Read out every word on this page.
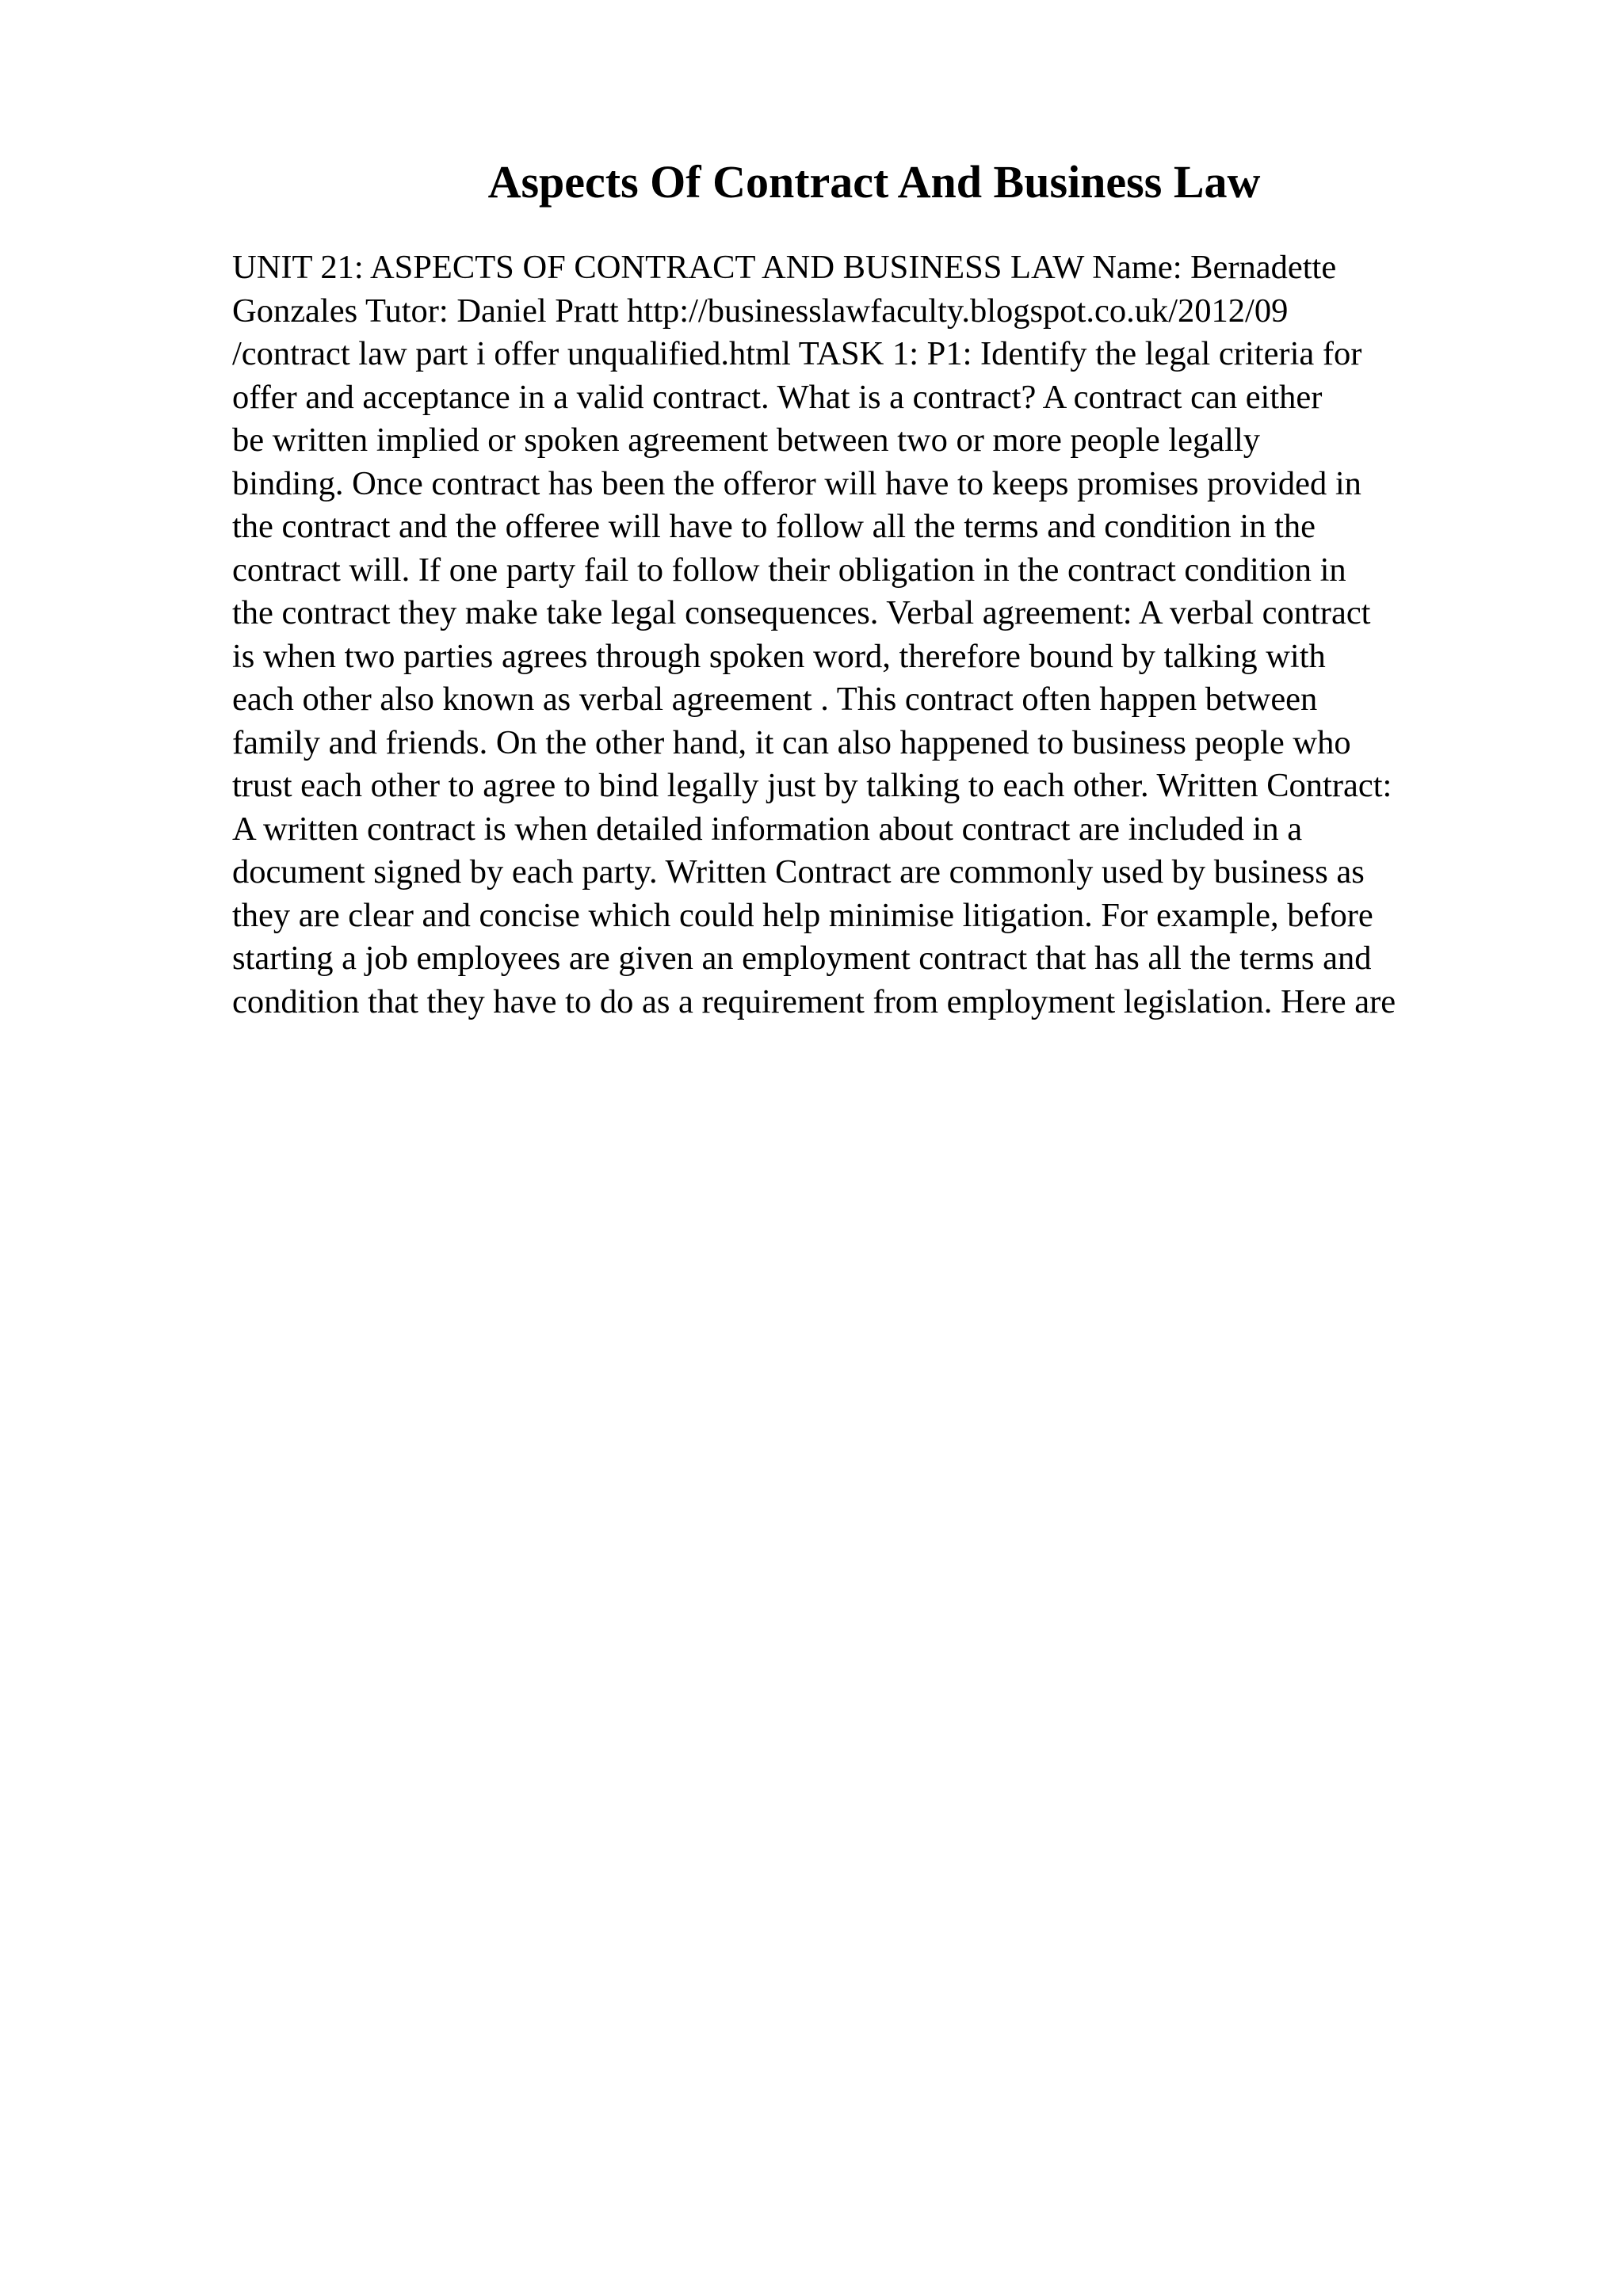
Aspects Of Contract And Business Law
UNIT 21: ASPECTS OF CONTRACT AND BUSINESS LAW Name: Bernadette
Gonzales Tutor: Daniel Pratt http://businesslawfaculty.blogspot.co.uk/2012/09
/contract law part i offer unqualified.html TASK 1: P1: Identify the legal criteria for
offer and acceptance in a valid contract. What is a contract? A contract can either
be written implied or spoken agreement between two or more people legally
binding. Once contract has been the offeror will have to keeps promises provided in
the contract and the offeree will have to follow all the terms and condition in the
contract will. If one party fail to follow their obligation in the contract condition in
the contract they make take legal consequences. Verbal agreement: A verbal contract
is when two parties agrees through spoken word, therefore bound by talking with
each other also known as verbal agreement . This contract often happen between
family and friends. On the other hand, it can also happened to business people who
trust each other to agree to bind legally just by talking to each other. Written Contract:
A written contract is when detailed information about contract are included in a
document signed by each party. Written Contract are commonly used by business as
they are clear and concise which could help minimise litigation. For example, before
starting a job employees are given an employment contract that has all the terms and
condition that they have to do as a requirement from employment legislation. Here are
